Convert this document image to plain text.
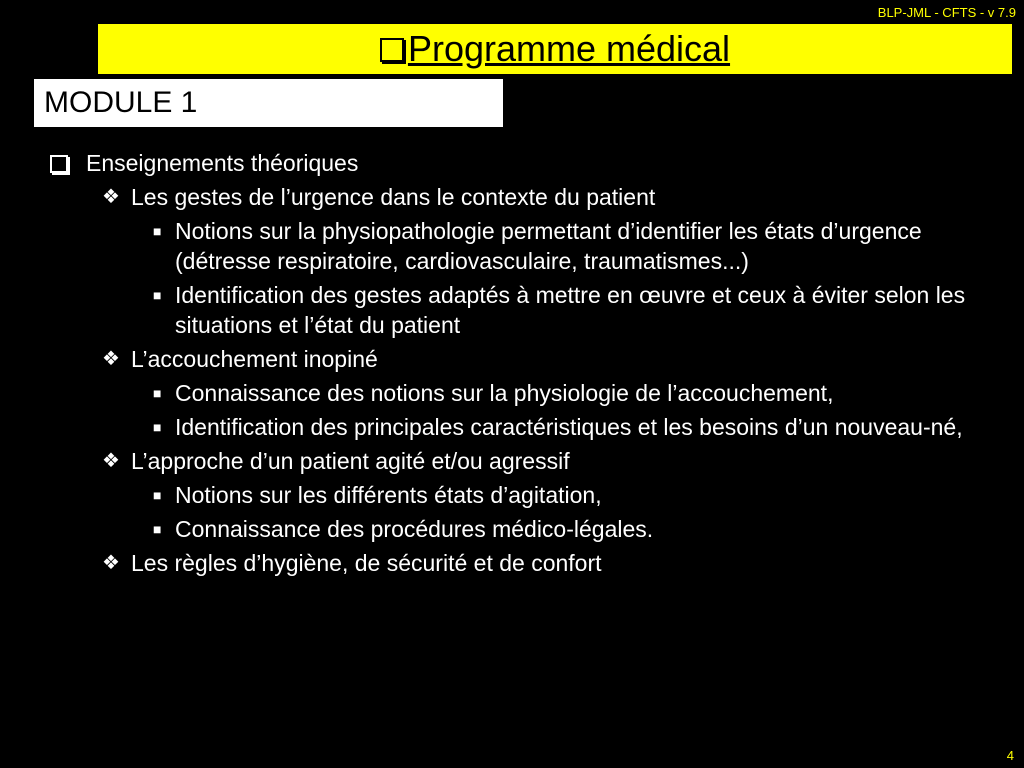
BLP-JML - CFTS - v 7.9
Programme médical
MODULE 1
Enseignements théoriques
❖ Les gestes de l’urgence dans le contexte du patient
■ Notions sur la physiopathologie permettant d’identifier les états d’urgence (détresse respiratoire, cardiovasculaire, traumatismes...)
■ Identification des gestes adaptés à mettre en œuvre et ceux à éviter selon les situations et l’état du patient
❖ L’accouchement inopiné
■ Connaissance des notions sur la physiologie de l’accouchement,
■ Identification des principales caractéristiques et les besoins d’un nouveau-né,
❖ L’approche d’un patient agité et/ou agressif
■ Notions sur les différents états d’agitation,
■ Connaissance des procédures médico-légales.
❖ Les règles d’hygiène, de sécurité et de confort
4
